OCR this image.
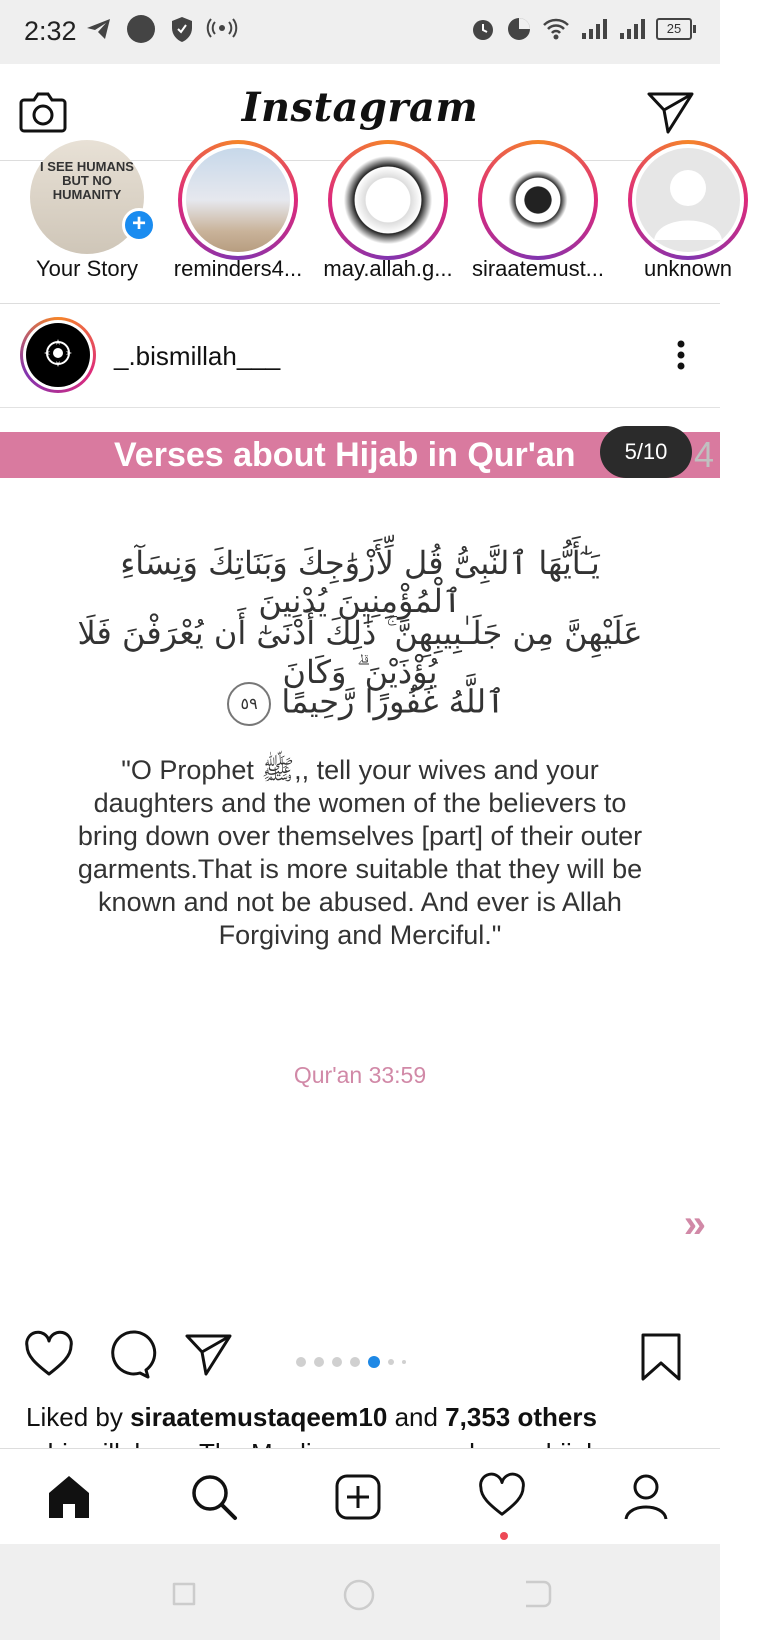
2:32	25
Instagram
I SEE HUMANS BUT NO HUMANITY
+
Your Story	reminders4... may.allah.g... siraatemust...	unknown
_.bismillah___
Verses about Hijab in Qur'an	4
5/10
يَـٰٓأَيُّهَا ٱلنَّبِىُّ قُل لِّأَزْوَٰجِكَ وَبَنَاتِكَ وَنِسَآءِ ٱلْمُؤْمِنِينَ يُدْنِينَ
عَلَيْهِنَّ مِن جَلَـٰبِيبِهِنَّ ۚ ذَٰلِكَ أَدْنَىٰٓ أَن يُعْرَفْنَ فَلَا يُؤْذَيْنَ ۗ وَكَانَ
ٱللَّهُ غَفُورًا رَّحِيمًا ٥٩
"O Prophet ﷺ,, tell your wives and your daughters and the women of the believers to bring down over themselves [part] of their outer garments.That is more suitable that they will be known and not be abused. And ever is Allah Forgiving and Merciful."
Qur'an 33:59
»
Liked by siraatemustaqeem10 and 7,353 others
